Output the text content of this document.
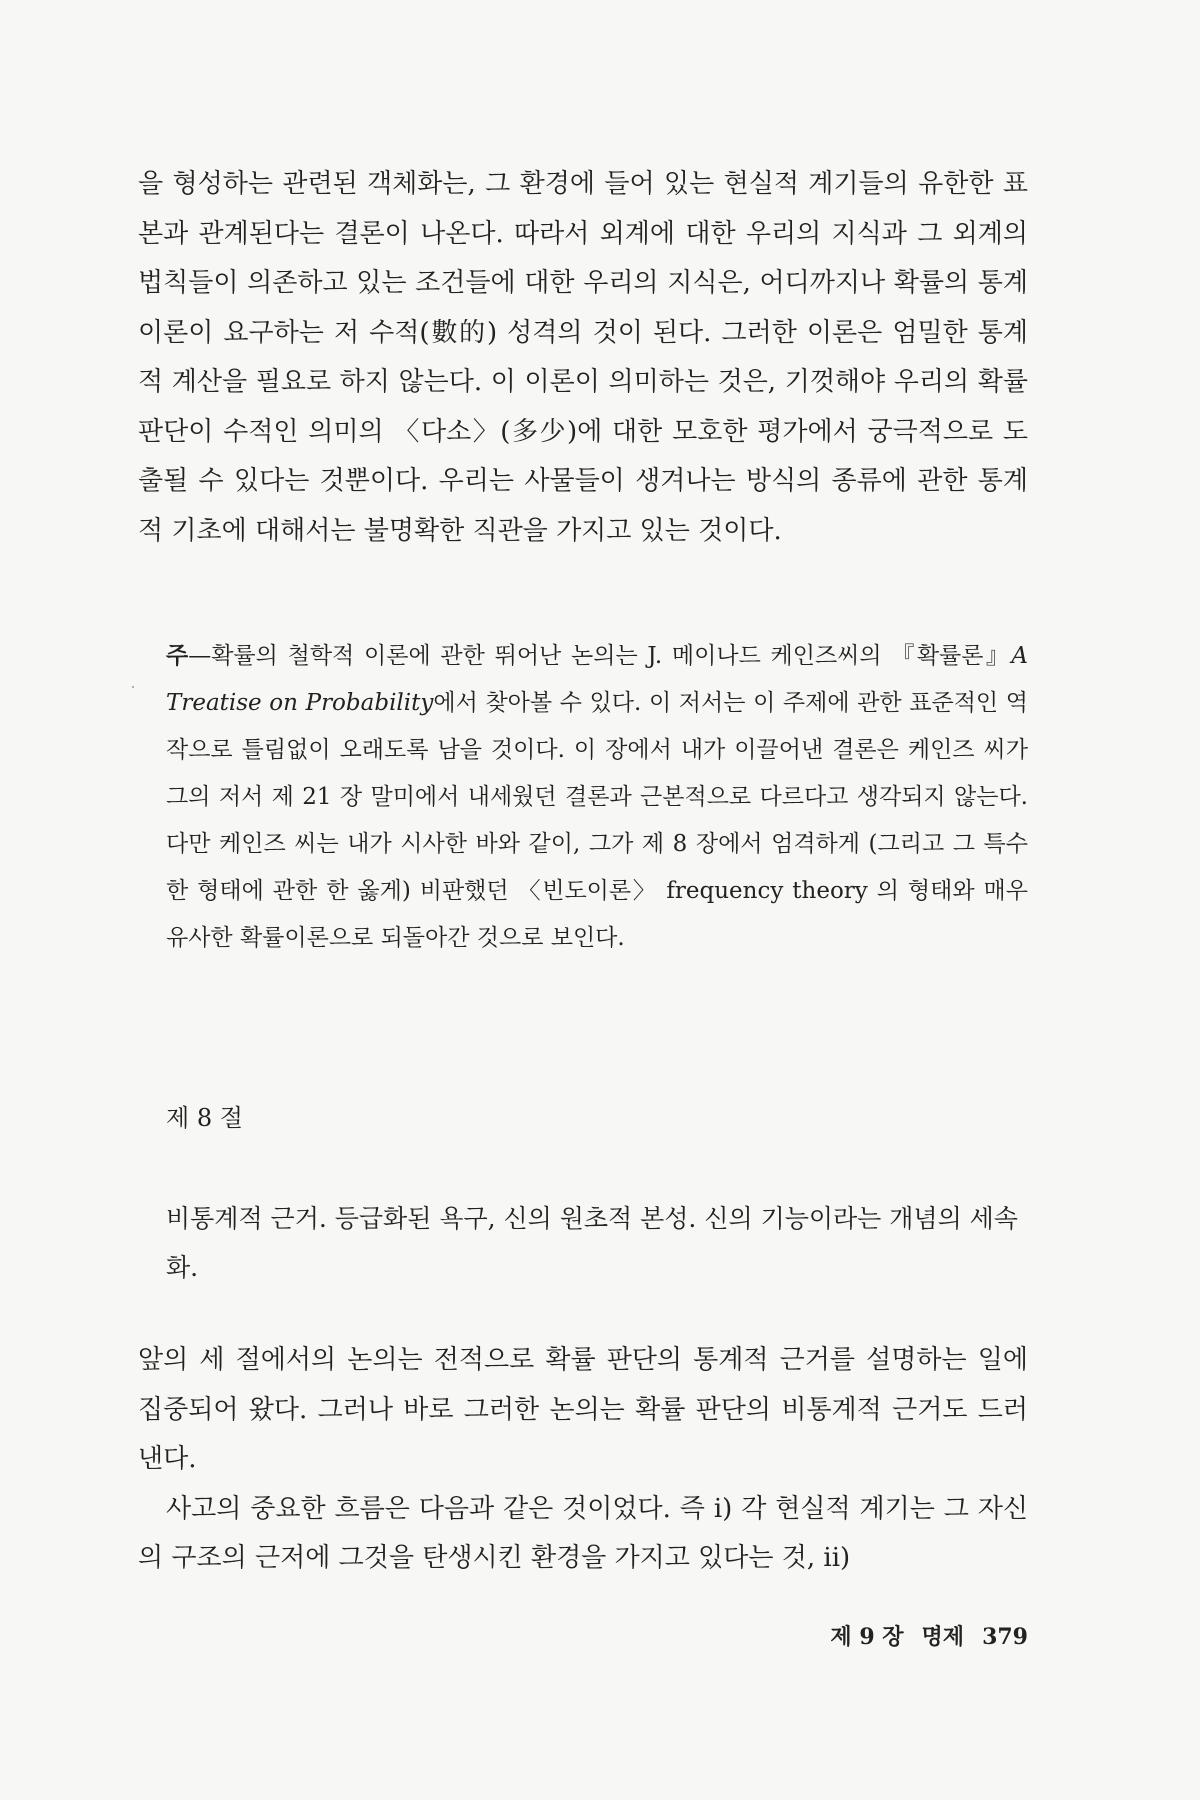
을 형성하는 관련된 객체화는, 그 환경에 들어 있는 현실적 계기들의 유한한 표본과 관계된다는 결론이 나온다. 따라서 외계에 대한 우리의 지식과 그 외계의 법칙들이 의존하고 있는 조건들에 대한 우리의 지식은, 어디까지나 확률의 통계이론이 요구하는 저 수적(數的) 성격의 것이 된다. 그러한 이론은 엄밀한 통계적 계산을 필요로 하지 않는다. 이 이론이 의미하는 것은, 기껏해야 우리의 확률 판단이 수적인 의미의 〈다소〉(多少)에 대한 모호한 평가에서 궁극적으로 도출될 수 있다는 것뿐이다. 우리는 사물들이 생겨나는 방식의 종류에 관한 통계적 기초에 대해서는 불명확한 직관을 가지고 있는 것이다.

주—확률의 철학적 이론에 관한 뛰어난 논의는 J. 메이나드 케인즈씨의 『확률론』A Treatise on Probability에서 찾아볼 수 있다. 이 저서는 이 주제에 관한 표준적인 역작으로 틀림없이 오래도록 남을 것이다. 이 장에서 내가 이끌어낸 결론은 케인즈 씨가 그의 저서 제 21 장 말미에서 내세웠던 결론과 근본적으로 다르다고 생각되지 않는다. 다만 케인즈 씨는 내가 시사한 바와 같이, 그가 제 8 장에서 엄격하게 (그리고 그 특수한 형태에 관한 한 옳게) 비판했던 〈빈도이론〉 frequency theory 의 형태와 매우 유사한 확률이론으로 되돌아간 것으로 보인다.

제 8 절
비통계적 근거. 등급화된 욕구, 신의 원초적 본성. 신의 기능이라는 개념의 세속화.

앞의 세 절에서의 논의는 전적으로 확률 판단의 통계적 근거를 설명하는 일에 집중되어 왔다. 그러나 바로 그러한 논의는 확률 판단의 비통계적 근거도 드러낸다.

사고의 중요한 흐름은 다음과 같은 것이었다. 즉 i) 각 현실적 계기는 그 자신의 구조의 근저에 그것을 탄생시킨 환경을 가지고 있다는 것, ii)

제 9 장 명제 379
